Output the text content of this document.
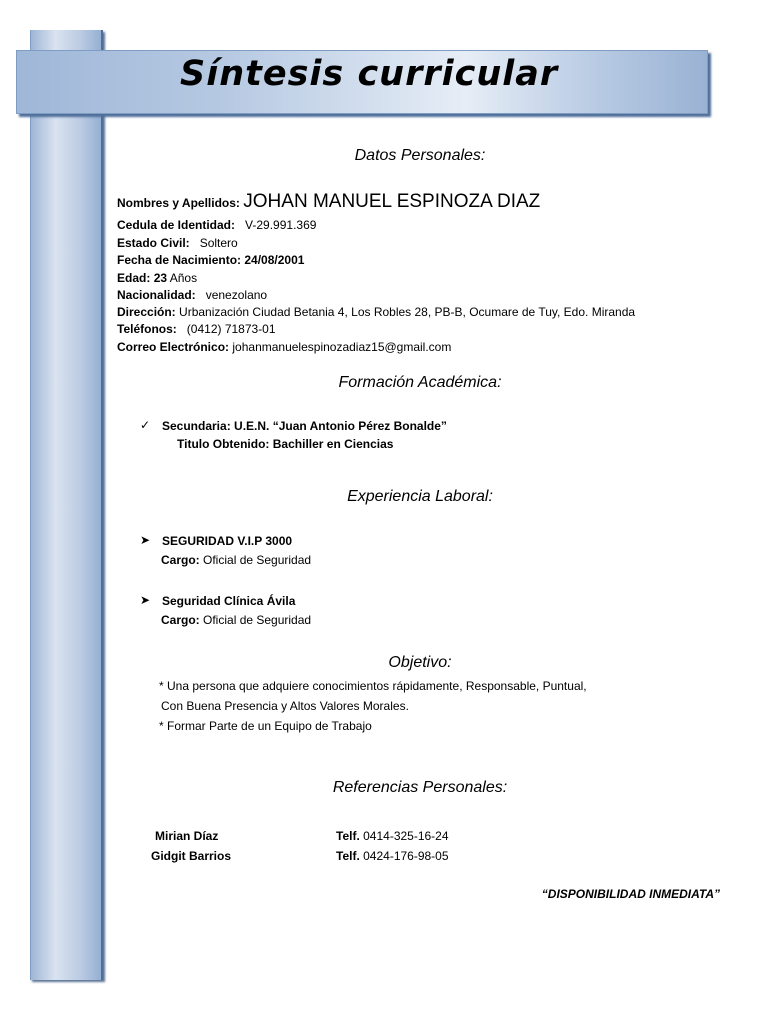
Síntesis curricular
Datos Personales:
Nombres y Apellidos: JOHAN MANUEL ESPINOZA DIAZ
Cedula de Identidad: V-29.991.369
Estado Civil: Soltero
Fecha de Nacimiento: 24/08/2001
Edad: 23 Años
Nacionalidad: venezolano
Dirección: Urbanización Ciudad Betania 4, Los Robles 28, PB-B, Ocumare de Tuy, Edo. Miranda
Teléfonos: (0412) 71873-01
Correo Electrónico: johanmanuelespinozadiaz15@gmail.com
Formación Académica:
✓ Secundaria: U.E.N. “Juan Antonio Pérez Bonalde”
Titulo Obtenido: Bachiller en Ciencias
Experiencia Laboral:
➤ SEGURIDAD V.I.P 3000
Cargo: Oficial de Seguridad
➤ Seguridad Clínica Ávila
Cargo: Oficial de Seguridad
Objetivo:
* Una persona que adquiere conocimientos rápidamente, Responsable, Puntual,
Con Buena Presencia y Altos Valores Morales.
* Formar Parte de un Equipo de Trabajo
Referencias Personales:
Mirian Díaz	Telf. 0414-325-16-24
Gidgit Barrios	Telf. 0424-176-98-05
“DISPONIBILIDAD INMEDIATA”
